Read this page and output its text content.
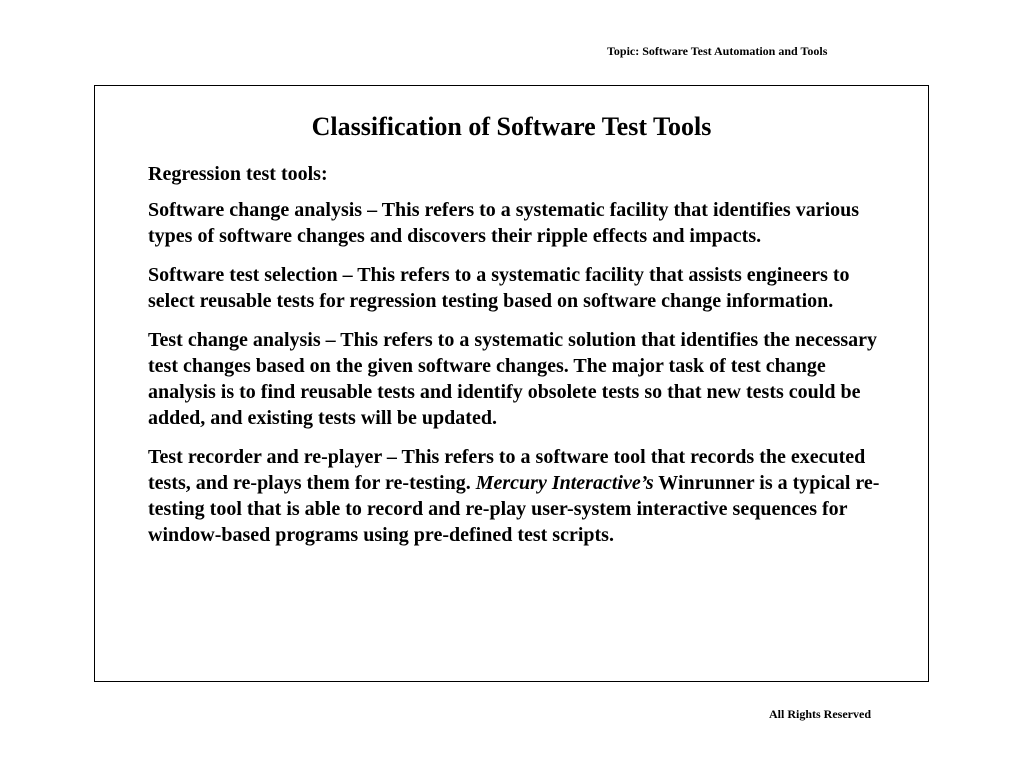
Topic: Software Test Automation and Tools
Classification of Software Test Tools

Regression test tools:

Software change analysis – This refers to a systematic facility that identifies various types of software changes and discovers their ripple effects and impacts.

Software test selection – This refers to a systematic facility that assists engineers to select reusable tests for regression testing based on software change information.

Test change analysis – This refers to a systematic solution that identifies the necessary test changes based on the given software changes. The major task of test change analysis is to find reusable tests and identify obsolete tests so that new tests could be added, and existing tests will be updated.

Test recorder and re-player – This refers to a software tool that records the executed tests, and re-plays them for re-testing. Mercury Interactive’s Winrunner is a typical re-testing tool that is able to record and re-play user-system interactive sequences for window-based programs using pre-defined test scripts.

All Rights Reserved
